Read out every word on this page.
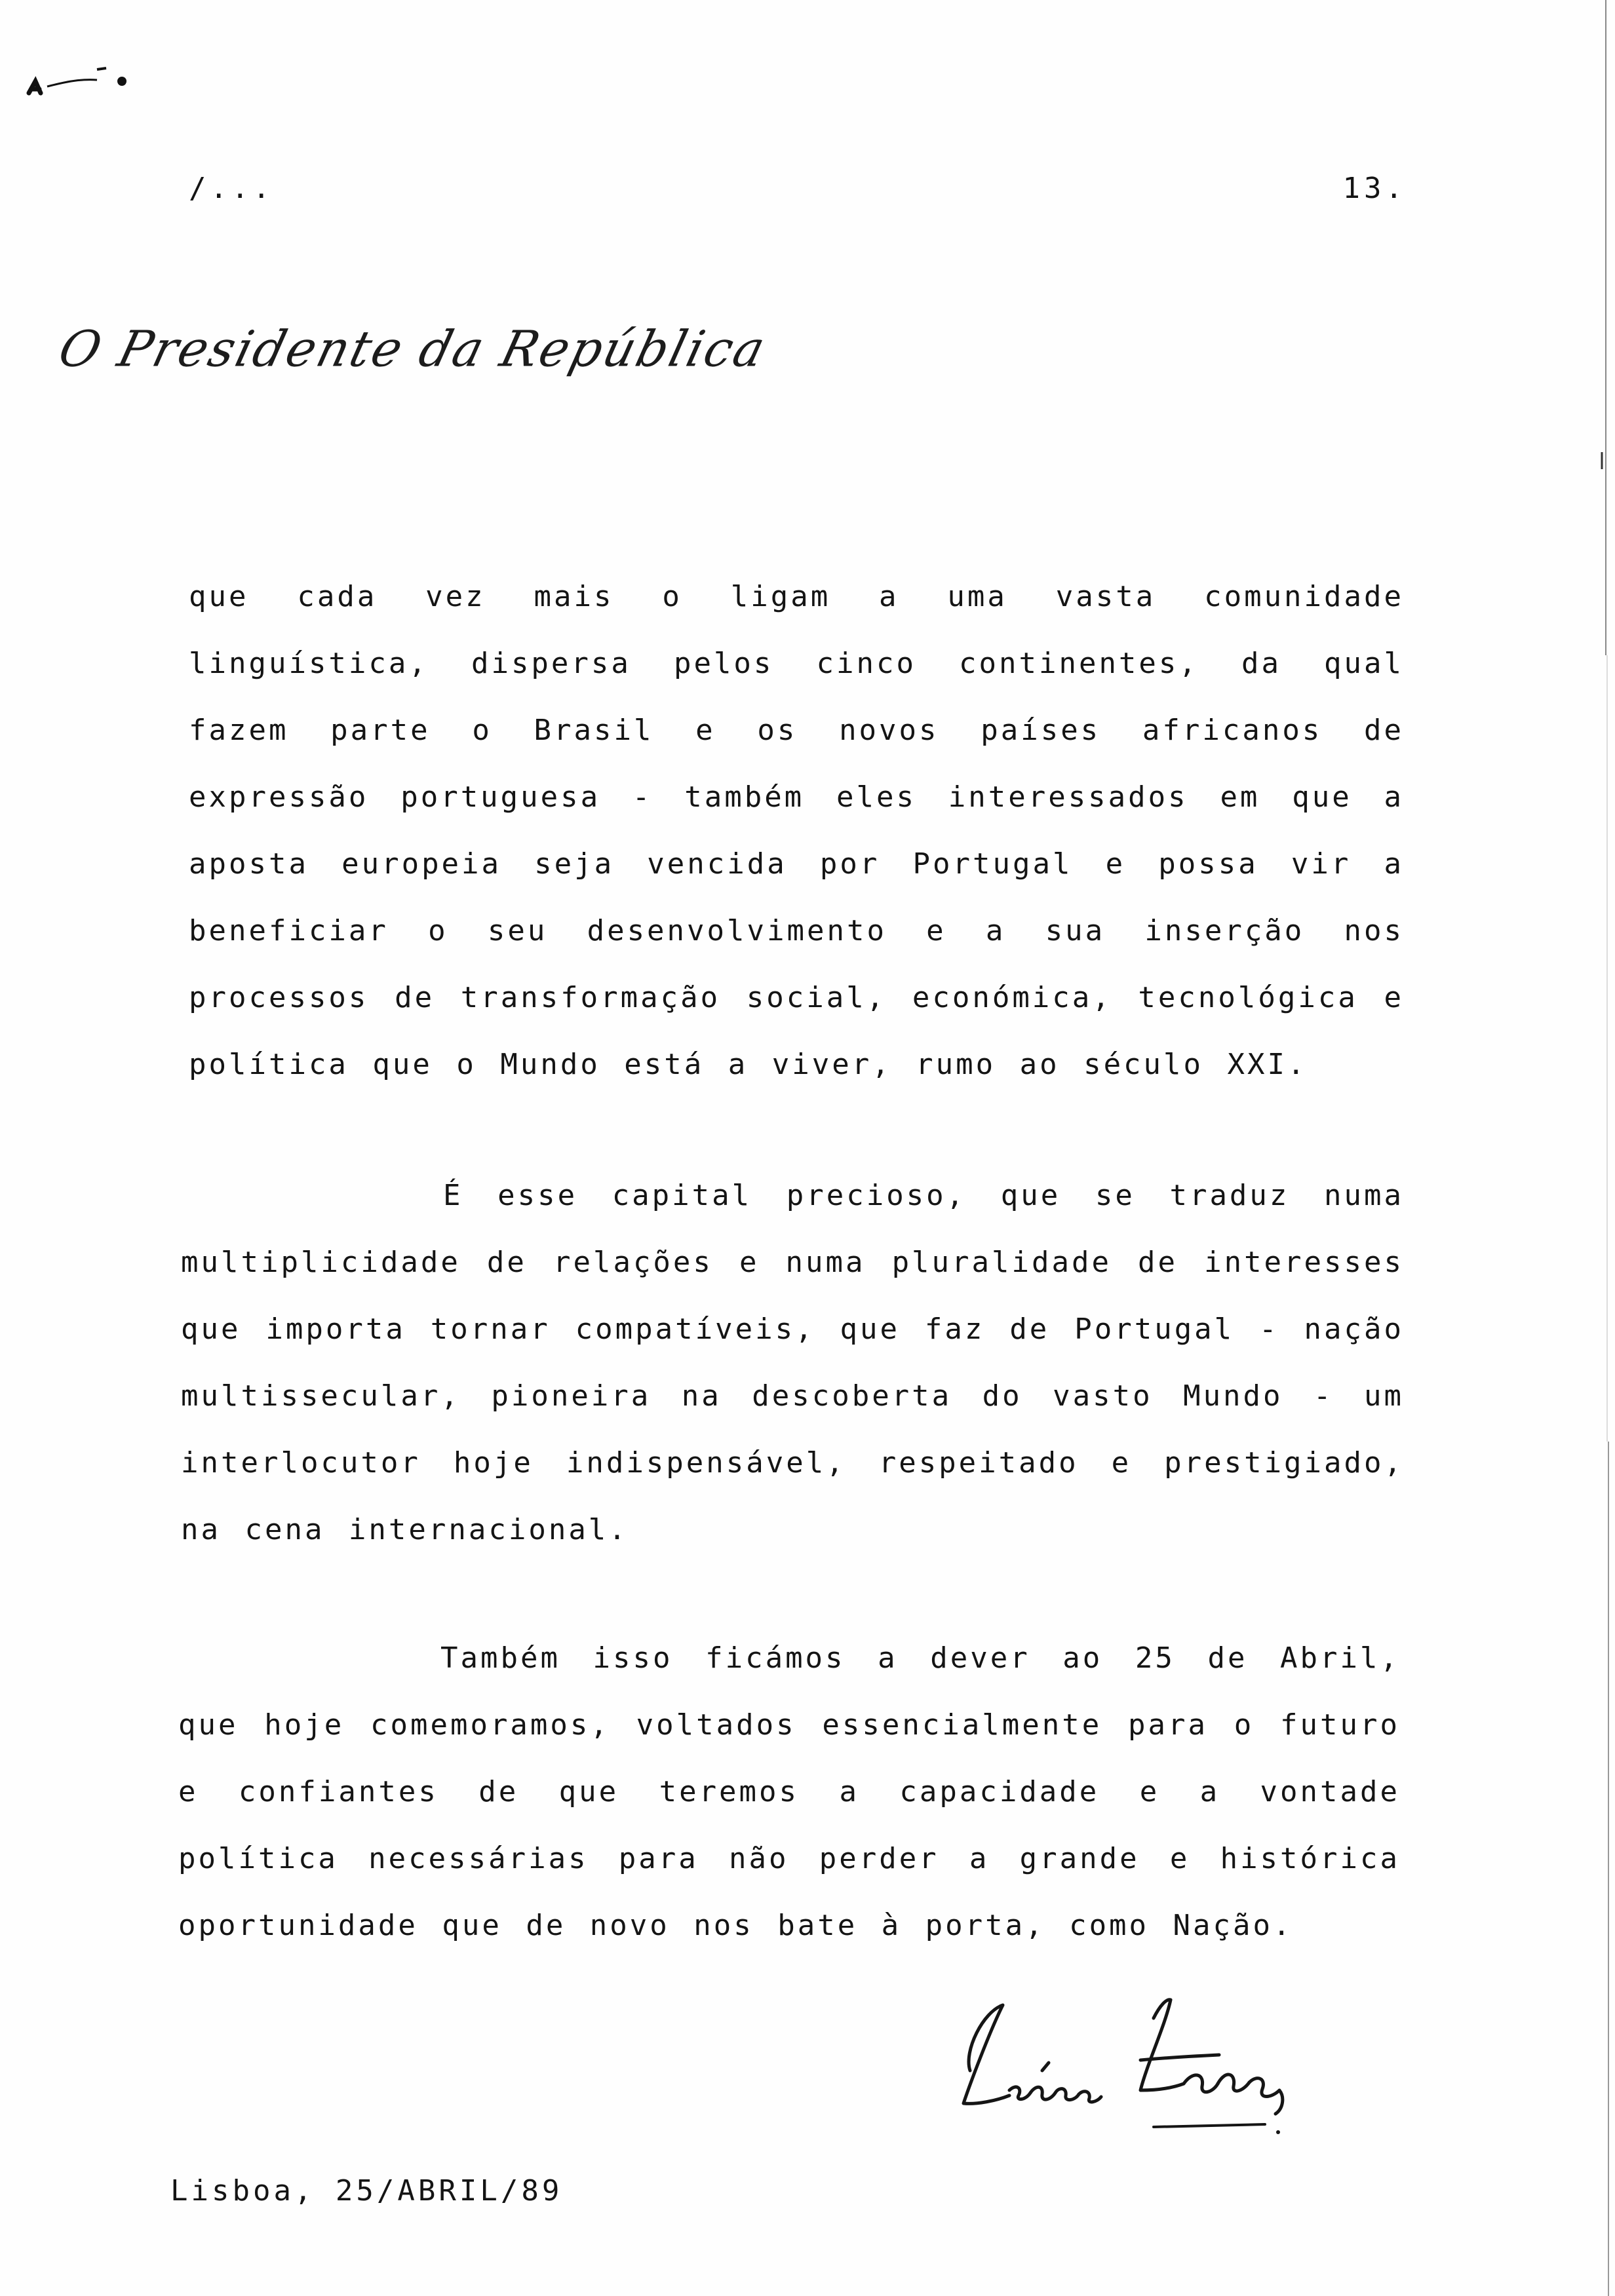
/...	13.
O Presidente da República

que cada vez mais o ligam a uma vasta comunidade linguística, dispersa pelos cinco continentes, da qual fazem parte o Brasil e os novos países africanos de expressão portuguesa - também eles interessados em que a aposta europeia seja vencida por Portugal e possa vir a beneficiar o seu desenvolvimento e a sua inserção nos processos de transformação social, económica, tecnológica e política que o Mundo está a viver, rumo ao século XXI.

É esse capital precioso, que se traduz numa multiplicidade de relações e numa pluralidade de interesses que importa tornar compatíveis, que faz de Portugal - nação multissecular, pioneira na descoberta do vasto Mundo - um interlocutor hoje indispensável, respeitado e prestigiado, na cena internacional.

Também isso ficámos a dever ao 25 de Abril, que hoje comemoramos, voltados essencialmente para o futuro e confiantes de que teremos a capacidade e a vontade política necessárias para não perder a grande e histórica oportunidade que de novo nos bate à porta, como Nação.

Lisboa, 25/ABRIL/89
